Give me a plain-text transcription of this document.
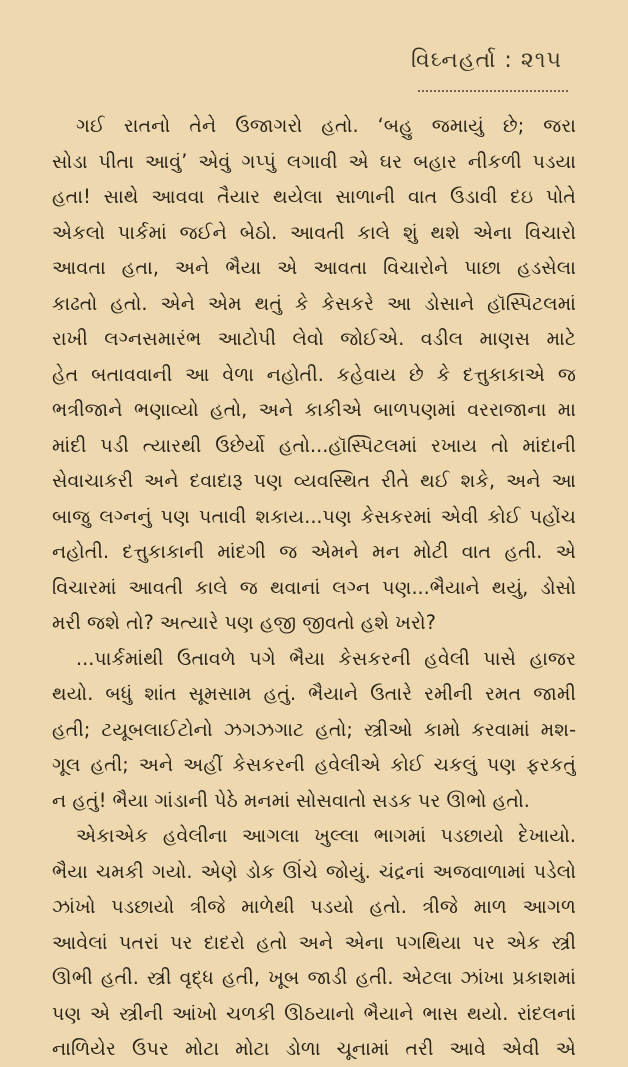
વિઘ્નહર્તા : ૨૧૫
ગઈ રાતનો તેને ઉજાગરો હતો. ‘બહુ જમાયું છે; જરા
સોડા પીતા આવું’ એવું ગપ્પું લગાવી એ ઘર બહાર નીકળી પડયા
હતા! સાથે આવવા તૈયાર થયેલા સાળાની વાત ઉડાવી દઇ પોતે
એકલો પાર્કમાં જઈને બેઠો. આવતી કાલે શું થશે એના વિચારો
આવતા હતા, અને ભૈયા એ આવતા વિચારોને પાછા હડસેલા
કાઢતો હતો. એને એમ થતું કે કેસકરે આ ડોસાને હૉસ્પિટલમાં
રાખી લગ્નસમારંભ આટોપી લેવો જોઈએ. વડીલ માણસ માટે
હેત બતાવવાની આ વેળા નહોતી. કહેવાય છે કે દત્તુકાકાએ જ
ભત્રીજાને ભણાવ્યો હતો, અને કાકીએ બાળપણમાં વરરાજાના મા
માંદી પડી ત્યારથી ઉછેર્યો હતો...હૉસ્પિટલમાં રખાય તો માંદાની
સેવાચાકરી અને દવાદારૂ પણ વ્યવસ્થિત રીતે થઈ શકે, અને આ
બાજુ લગ્નનું પણ પતાવી શકાય...પણ કેસકરમાં એવી કોઈ પહોંચ
નહોતી. દત્તુકાકાની માંદગી જ એમને મન મોટી વાત હતી. એ
વિચારમાં આવતી કાલે જ થવાનાં લગ્ન પણ...ભૈયાને થયું, ડોસો
મરી જશે તો? અત્યારે પણ હજી જીવતો હશે ખરો?
...પાર્કમાંથી ઉતાવળે પગે ભૈયા કેસકરની હવેલી પાસે હાજર
થયો. બધું શાંત સૂમસામ હતું. ભૈયાને ઉતારે રમીની રમત જામી
હતી; ટયૂબલાઈટોનો ઝગઝગાટ હતો; સ્ત્રીઓ કામો કરવામાં મશ-
ગૂલ હતી; અને અહીં કેસકરની હવેલીએ કોઈ ચકલું પણ ફરકતું
ન હતું! ભૈયા ગાંડાની પેઠે મનમાં સોસવાતો સડક પર ઊભો હતો.
એકાએક હવેલીના આગલા ખુલ્લા ભાગમાં પડછાયો દેખાયો.
ભૈયા ચમકી ગયો. એણે ડોક ઊંચે જોયું. ચંદ્રનાં અજવાળામાં પડેલો
ઝાંખો પડછાયો ત્રીજે માળેથી પડયો હતો. ત્રીજે માળ આગળ
આવેલાં પતરાં પર દાદરો હતો અને એના પગથિયા પર એક સ્ત્રી
ઊભી હતી. સ્ત્રી વૃદ્ધ હતી, ખૂબ જાડી હતી. એટલા ઝાંખા પ્રકાશમાં
પણ એ સ્ત્રીની આંખો ચળકી ઊઠયાનો ભૈયાને ભાસ થયો. રાંદલનાં
નાળિયેર ઉપર મોટા મોટા ડોળા ચૂનામાં તરી આવે એવી એ
